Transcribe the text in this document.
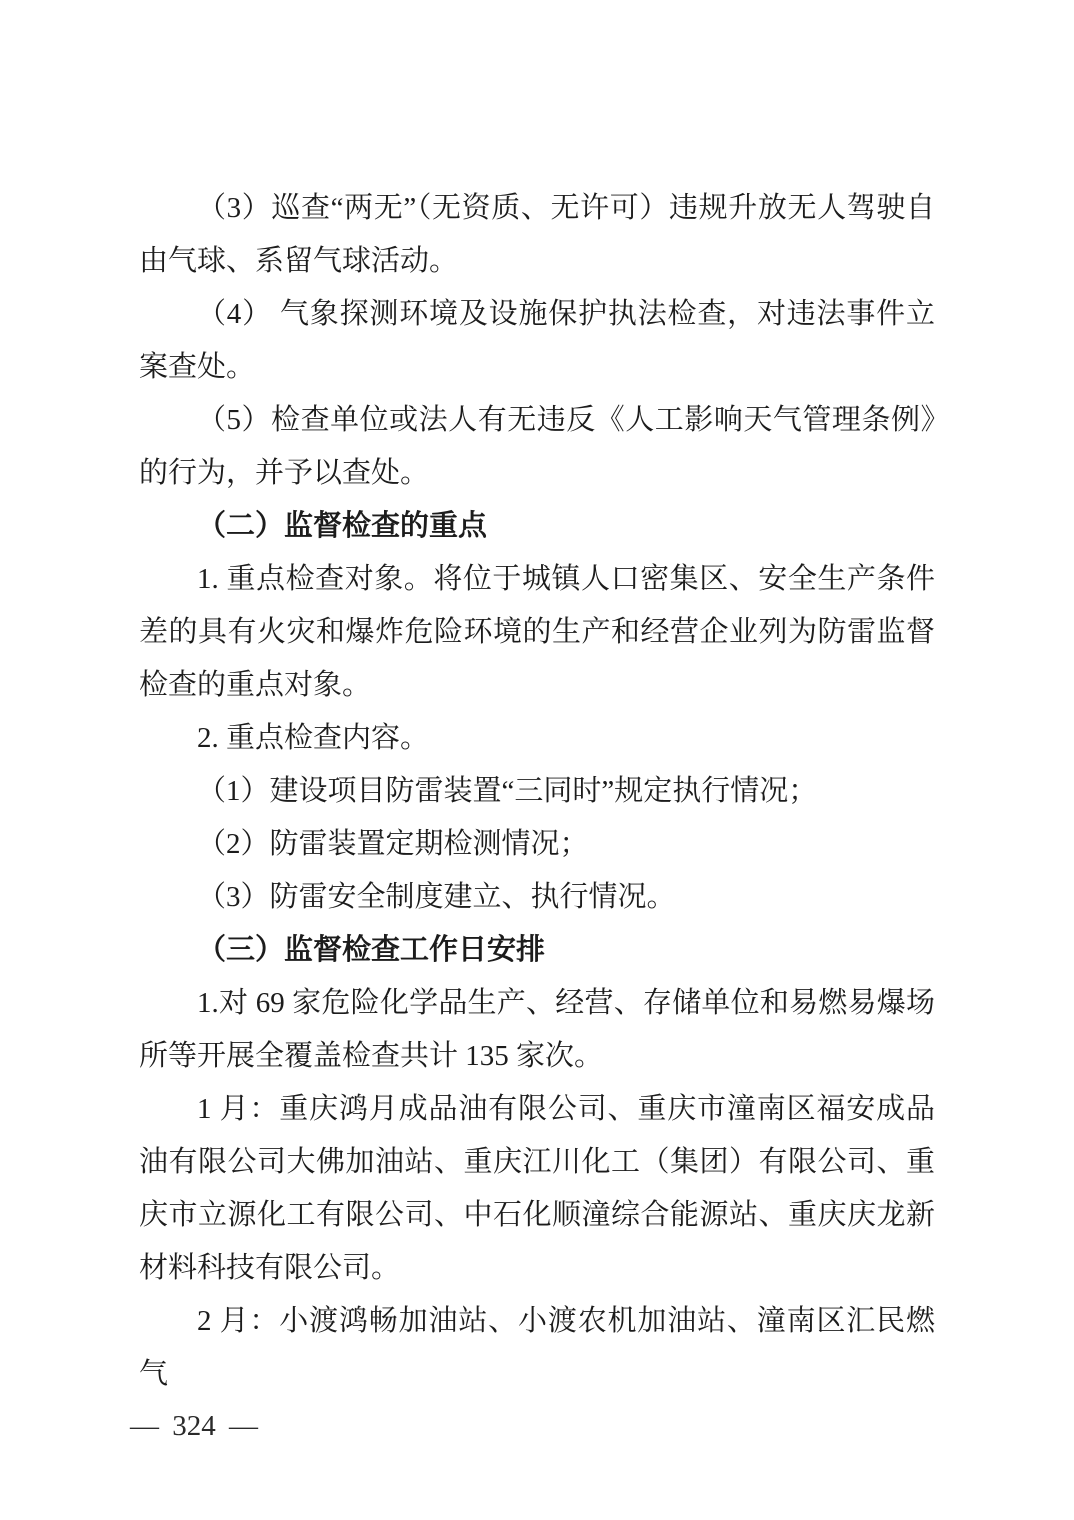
（3）巡查“两无”（无资质、无许可）违规升放无人驾驶自由气球、系留气球活动。

（4） 气象探测环境及设施保护执法检查，对违法事件立案查处。

（5）检查单位或法人有无违反《人工影响天气管理条例》的行为，并予以查处。

（二）监督检查的重点

1. 重点检查对象。将位于城镇人口密集区、安全生产条件差的具有火灾和爆炸危险环境的生产和经营企业列为防雷监督检查的重点对象。

2. 重点检查内容。

（1）建设项目防雷装置“三同时”规定执行情况；

（2）防雷装置定期检测情况；

（3）防雷安全制度建立、执行情况。

（三）监督检查工作日安排

1.对 69 家危险化学品生产、经营、存储单位和易燃易爆场所等开展全覆盖检查共计 135 家次。

1 月：重庆鸿月成品油有限公司、重庆市潼南区福安成品油有限公司大佛加油站、重庆江川化工（集团）有限公司、重庆市立源化工有限公司、中石化顺潼综合能源站、重庆庆龙新材料科技有限公司。

2 月：小渡鸿畅加油站、小渡农机加油站、潼南区汇民燃气

— 324 —
